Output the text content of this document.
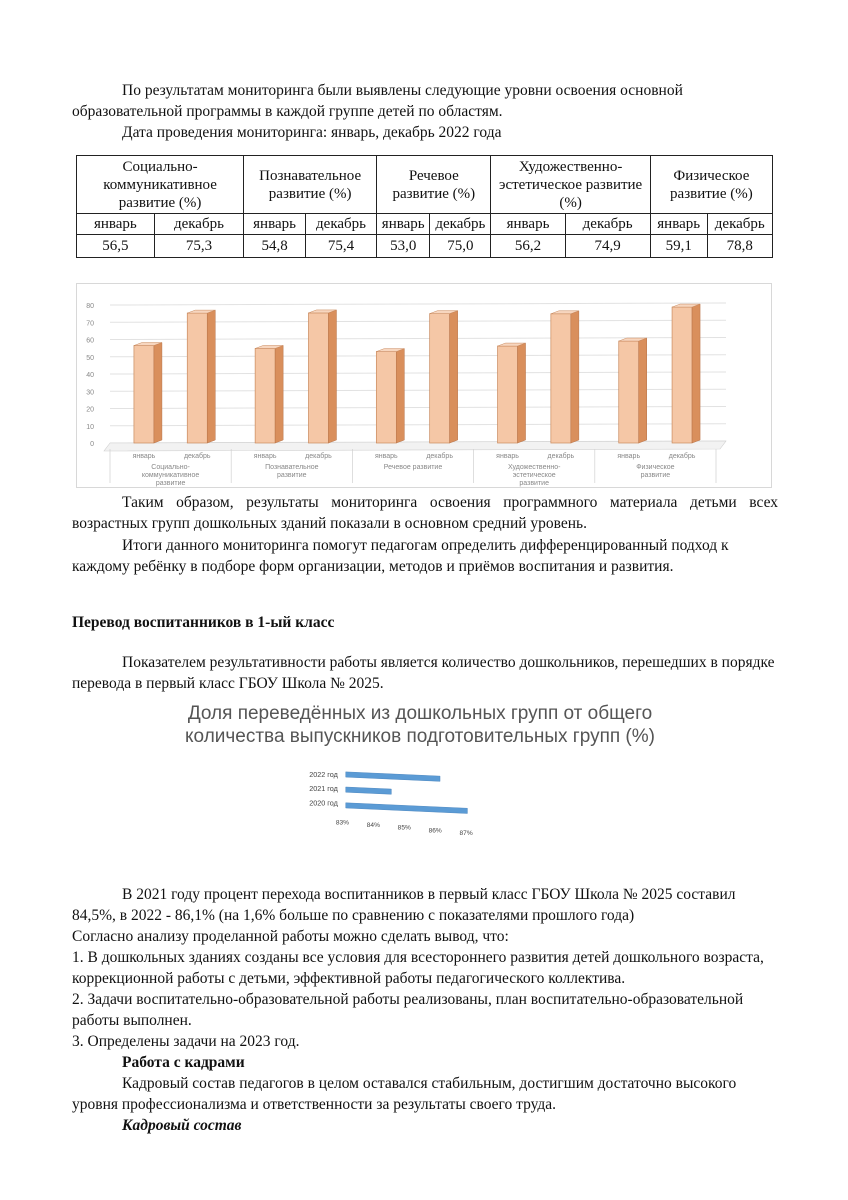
По результатам мониторинга были выявлены следующие уровни освоения основной образовательной программы в каждой группе детей по областям.

Дата проведения мониторинга: январь, декабрь 2022 года

Социально-коммуникативное развитие (%)		Познавательное развитие (%)		Речевое развитие (%)		Художественно-эстетическое развитие (%)		Физическое развитие (%)	
январь	декабрь	январь	декабрь	январь	декабрь	январь	декабрь	январь	декабрь
56,5	75,3	54,8	75,4	53,0	75,0	56,2	74,9	59,1	78,8
0
10
20
30
40
50
60
70
80
январь	декабрь
Социально-
коммуникативное
развитие
январь	декабрь
Познавательное
развитие
январь	декабрь
Речевое развитие
январь	декабрь
Художественно-
эстетическое
развитие
январь	декабрь
Физическое
развитие

Таким образом, результаты мониторинга освоения программного материала детьми всех возрастных групп дошкольных зданий показали в основном средний уровень.

Итоги данного мониторинга помогут педагогам определить дифференцированный подход к каждому ребёнку в подборе форм организации, методов и приёмов воспитания и развития.

Перевод воспитанников в 1-ый класс

Показателем результативности работы является количество дошкольников, перешедших в порядке перевода в первый класс ГБОУ Школа № 2025.

Доля переведённых из дошкольных групп от общего
количества выпускников подготовительных групп (%)
2022 год
2021 год
2020 год
83% 84% 85% 86% 87%

В 2021 году процент перехода воспитанников в первый класс ГБОУ Школа № 2025 составил 84,5%, в 2022 - 86,1% (на 1,6% больше по сравнению с показателями прошлого года)

Согласно анализу проделанной работы можно сделать вывод, что:

1. В дошкольных зданиях созданы все условия для всестороннего развития детей дошкольного возраста, коррекционной работы с детьми, эффективной работы педагогического коллектива.
2. Задачи воспитательно-образовательной работы реализованы, план воспитательно-образовательной работы выполнен.
3. Определены задачи на 2023 год.

Работа с кадрами

Кадровый состав педагогов в целом оставался стабильным, достигшим достаточно высокого уровня профессионализма и ответственности за результаты своего труда.

Кадровый состав
